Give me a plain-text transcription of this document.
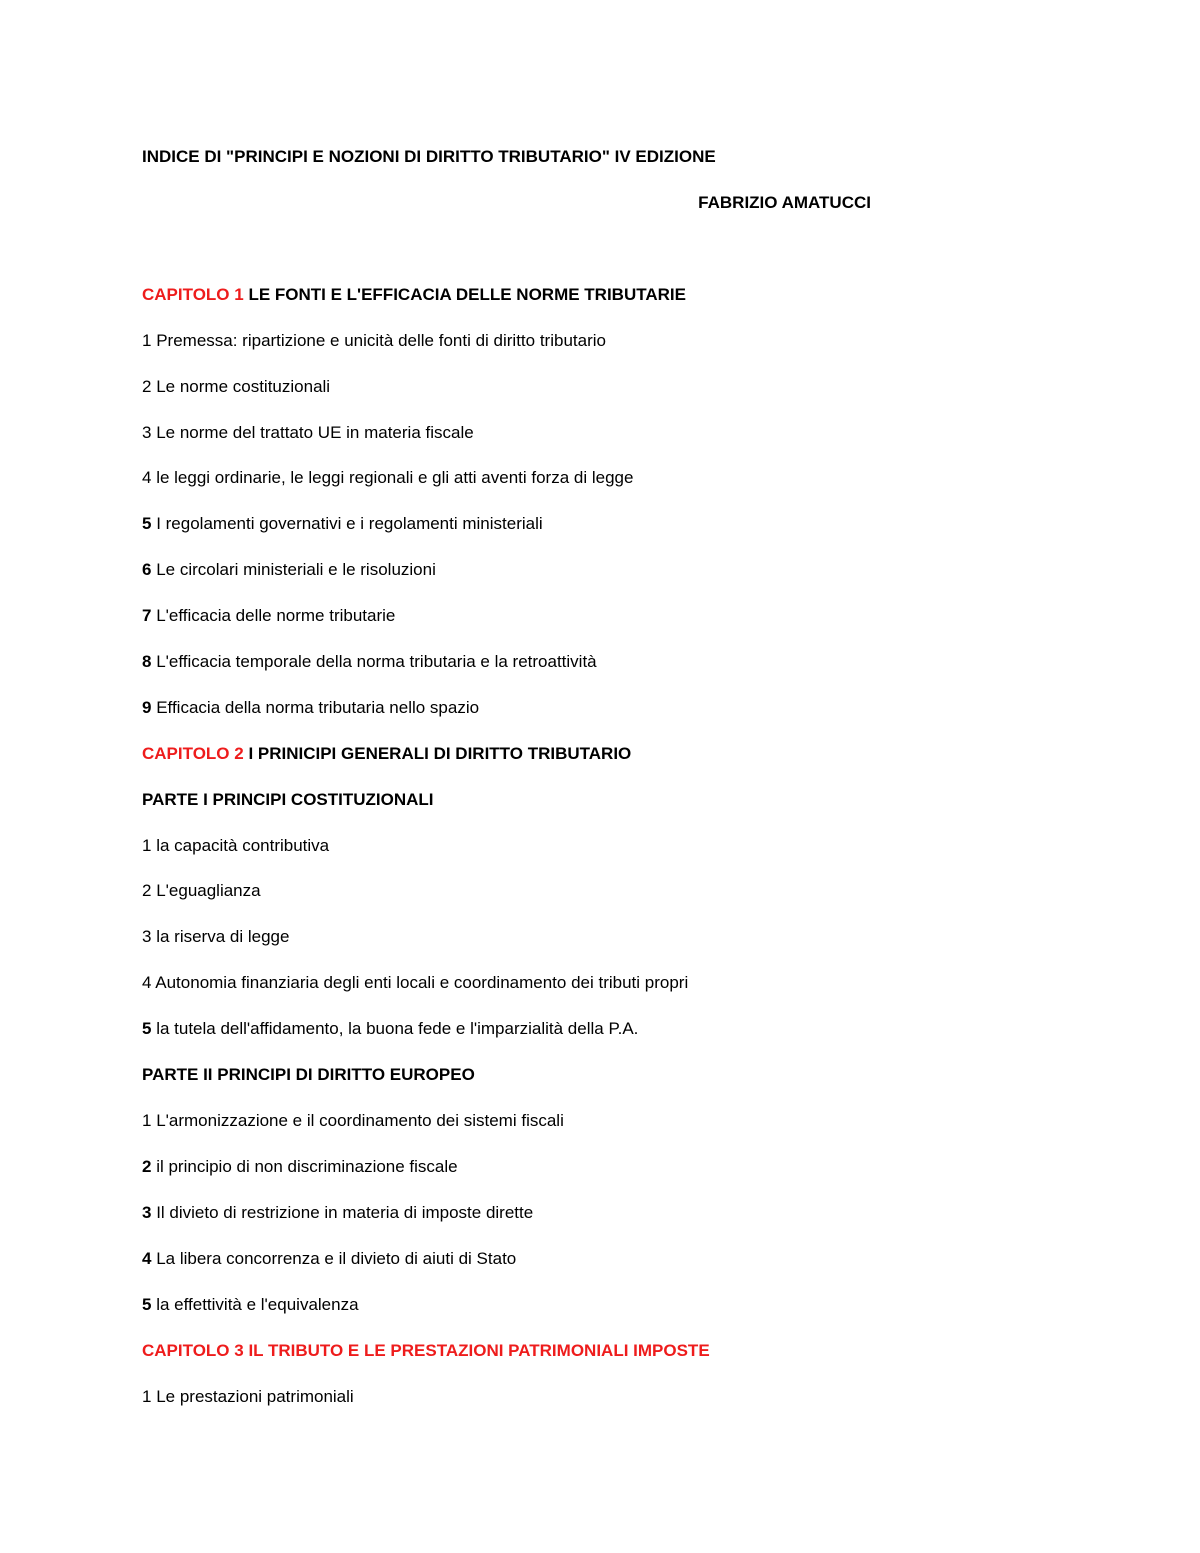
INDICE DI "PRINCIPI E NOZIONI DI DIRITTO TRIBUTARIO" IV EDIZIONE
FABRIZIO AMATUCCI
CAPITOLO 1 LE FONTI E L'EFFICACIA DELLE NORME TRIBUTARIE
1 Premessa: ripartizione e unicità delle fonti di diritto tributario
2 Le norme costituzionali
3 Le norme del trattato UE in materia fiscale
4 le leggi ordinarie, le leggi regionali e gli atti aventi forza di legge
5 I regolamenti governativi e i regolamenti ministeriali
6 Le circolari ministeriali e le risoluzioni
7 L'efficacia delle norme tributarie
8 L'efficacia temporale della norma tributaria e la retroattività
9 Efficacia della norma tributaria nello spazio
CAPITOLO 2 I PRINICIPI GENERALI DI DIRITTO TRIBUTARIO
PARTE I PRINCIPI COSTITUZIONALI
1 la capacità contributiva
2 L'eguaglianza
3 la riserva di legge
4 Autonomia finanziaria degli enti locali e coordinamento dei tributi propri
5 la tutela dell'affidamento, la buona fede e l'imparzialità della P.A.
PARTE II PRINCIPI DI DIRITTO EUROPEO
1 L'armonizzazione e il coordinamento dei sistemi fiscali
2 il principio di non discriminazione fiscale
3 Il divieto di restrizione in materia di imposte dirette
4 La libera concorrenza e il divieto di aiuti di Stato
5 la effettività e l'equivalenza
CAPITOLO 3 IL TRIBUTO E LE PRESTAZIONI PATRIMONIALI IMPOSTE
1 Le prestazioni patrimoniali
